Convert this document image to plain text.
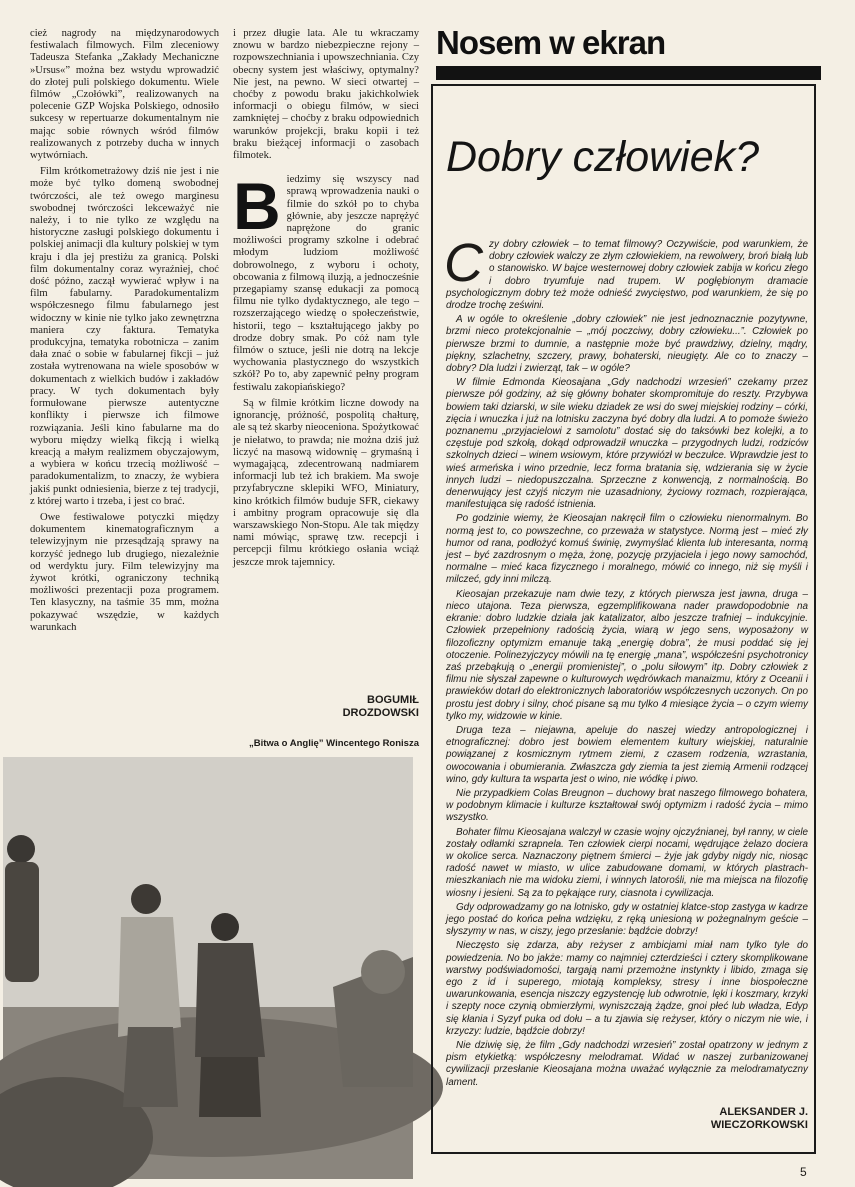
cież nagrody na międzynarodowych festiwalach filmowych. Film zleceniowy Tadeusza Stefanka „Zakłady Mechaniczne »Ursus«” można bez wstydu wprowadzić do złotej puli polskiego dokumentu. Wiele filmów „Czołówki”, realizowanych na polecenie GZP Wojska Polskiego, odnosiło sukcesy w repertuarze dokumentalnym nie mając sobie równych wśród filmów realizowanych z potrzeby ducha w innych wytwórniach.

Film krótkometrażowy dziś nie jest i nie może być tylko domeną swobodnej twórczości, ale też owego marginesu swobodnej twórczości lekceważyć nie należy, i to nie tylko ze względu na historyczne zasługi polskiego dokumentu i polskiej animacji dla kultury polskiej w tym kraju i dla jej prestiżu za granicą. Polski film dokumentalny coraz wyraźniej, choć dość późno, zaczął wywierać wpływ i na film fabularny. Paradokumentalizm współczesnego filmu fabularnego jest widoczny w kinie nie tylko jako zewnętrzna maniera czy faktura. Tematyka produkcyjna, tematyka robotnicza – zanim dała znać o sobie w fabularnej fikcji – już została wytrenowana na wiele sposobów w dokumentach z wielkich budów i zakładów pracy. W tych dokumentach były formułowane pierwsze autentyczne konflikty i pierwsze ich filmowe rozwiązania. Jeśli kino fabularne ma do wyboru między wielką fikcją i wielką kreacją a małym realizmem obyczajowym, a wybiera w końcu trzecią możliwość – paradokumentalizm, to znaczy, że wybiera jakiś punkt odniesienia, bierze z tej tradycji, z której warto i trzeba, i jest co brać.

Owe festiwalowe potyczki między dokumentem kinematograficznym a telewizyjnym nie przesądzają sprawy na korzyść jednego lub drugiego, niezależnie od werdyktu jury. Film telewizyjny ma żywot krótki, ograniczony techniką możliwości prezentacji poza programem. Ten klasyczny, na taśmie 35 mm, można pokazywać wszędzie, w każdych warunkach

i przez długie lata. Ale tu wkraczamy znowu w bardzo niebezpieczne rejony – rozpowszechniania i upowszechniania. Czy obecny system jest właściwy, optymalny? Nie jest, na pewno. W sieci otwartej – choćby z powodu braku jakichkolwiek informacji o obiegu filmów, w sieci zamkniętej – choćby z braku odpowiednich warunków projekcji, braku kopii i też braku bieżącej informacji o zasobach filmotek.

Biedzimy się wszyscy nad sprawą wprowadzenia nauki o filmie do szkół po to chyba głównie, aby jeszcze naprężyć naprężone do granic możliwości programy szkolne i odebrać młodym ludziom możliwość dobrowolnego, z wyboru i ochoty, obcowania z filmową iluzją, a jednocześnie przegapiamy szansę edukacji za pomocą filmu nie tylko dydaktycznego, ale tego – rozszerzającego wiedzę o społeczeństwie, historii, tego – kształtującego jakby po drodze dobry smak. Po cóż nam tyle filmów o sztuce, jeśli nie dotrą na lekcje wychowania plastycznego do wszystkich szkół? Po to, aby zapewnić pełny program festiwalu zakopiańskiego?

Są w filmie krótkim liczne dowody na ignorancję, próżność, pospolitą chałturę, ale są też skarby nieoceniona. Spożytkować je niełatwo, to prawda; nie można dziś już liczyć na masową widownię – grymaśną i wymagającą, zdecentrowaną nadmiarem informacji lub też ich brakiem. Ma swoje przyfabryczne sklepiki WFO, Miniatury, kino krótkich filmów buduje SFR, ciekawy i ambitny program opracowuje się dla warszawskiego Non-Stopu. Ale tak między nami mówiąc, sprawę tzw. recepcji i percepcji filmu krótkiego osłania wciąż jeszcze mrok tajemnicy.

BOGUMIŁ
DROZDOWSKI
„Bitwa o Anglię” Wincentego Ronisza
Nosem w ekran
Dobry człowiek?

Czy dobry człowiek – to temat filmowy? Oczywiście, pod warunkiem, że dobry człowiek walczy ze złym człowiekiem, na rewolwery, broń białą lub o stanowisko. W bajce westernowej dobry człowiek zabija w końcu złego i dobro tryumfuje nad trupem. W pogłębionym dramacie psychologicznym dobry też może odnieść zwycięstwo, pod warunkiem, że się po drodze trochę ześwini.

A w ogóle to określenie „dobry człowiek” nie jest jednoznacznie pozytywne, brzmi nieco protekcjonalnie – „mój poczciwy, dobry człowieku...”. Człowiek po pierwsze brzmi to dumnie, a następnie może być prawdziwy, dzielny, mądry, piękny, szlachetny, szczery, prawy, bohaterski, nieugięty. Ale co to znaczy – dobry? Dla ludzi i zwierząt, tak – w ogóle?

W filmie Edmonda Kieosajana „Gdy nadchodzi wrzesień” czekamy przez pierwsze pół godziny, aż się główny bohater skompromituje do reszty. Przybywa bowiem taki dziarski, w sile wieku dziadek ze wsi do swej miejskiej rodziny – córki, zięcia i wnuczka i już na lotnisku zaczyna być dobry dla ludzi. A to pomoże świeżo poznanemu „przyjacielowi z samolotu” dostać się do taksówki bez kolejki, a to częstuje pod szkołą, dokąd odprowadził wnuczka – przygodnych ludzi, rodziców szkolnych dzieci – winem wsiowym, które przywiózł w beczułce. Wprawdzie jest to wieś armeńska i wino przednie, lecz forma bratania się, wdzierania się w życie innych ludzi – niedopuszczalna. Sprzeczne z konwencją, z normalnością. Bo denerwujący jest czyjś niczym nie uzasadniony, życiowy rozmach, rozpierająca, manifestująca się radość istnienia.

Po godzinie wiemy, że Kieosajan nakręcił film o człowieku nienormalnym. Bo normą jest to, co powszechne, co przeważa w statystyce. Normą jest – mieć zły humor od rana, podłożyć komuś świnię, zwymyślać klienta lub interesanta, normą jest – być zazdrosnym o męża, żonę, pozycję przyjaciela i jego nowy samochód, normalne – mieć kaca fizycznego i moralnego, mówić co innego, niż się myśli i milczeć, gdy inni milczą.

Kieosajan przekazuje nam dwie tezy, z których pierwsza jest jawna, druga – nieco utajona. Teza pierwsza, egzemplifikowana nader prawdopodobnie na ekranie: dobro ludzkie działa jak katalizator, albo jeszcze trafniej – indukcyjnie. Człowiek przepełniony radością życia, wiarą w jego sens, wyposażony w filozoficzny optymizm emanuje taką „energię dobra”, że musi poddać się jej otoczenie. Polinezyjczycy mówili na tę energię „mana”, współcześni psychotronicy zaś przebąkują o „energii promienistej”, o „polu siłowym” itp. Dobry człowiek z filmu nie słyszał zapewne o kulturowych wędrówkach manaizmu, który z Oceanii i prawieków dotarł do elektronicznych laboratoriów współczesnych uczonych. On po prostu jest dobry i silny, choć pisane są mu tylko 4 miesiące życia – o czym wiemy tylko my, widzowie w kinie.

Druga teza – niejawna, apeluje do naszej wiedzy antropologicznej i etnograficznej: dobro jest bowiem elementem kultury wiejskiej, naturalnie powiązanej z kosmicznym rytmem ziemi, z czasem rodzenia, wzrastania, owocowania i obumierania. Zwłaszcza gdy ziemia ta jest ziemią Armenii rodzącej wino, gdy kultura ta wsparta jest o wino, nie wódkę i piwo.

Nie przypadkiem Colas Breugnon – duchowy brat naszego filmowego bohatera, w podobnym klimacie i kulturze kształtował swój optymizm i radość życia – mimo wszystko.

Bohater filmu Kieosajana walczył w czasie wojny ojczyźnianej, był ranny, w ciele zostały odłamki szrapnela. Ten człowiek cierpi nocami, wędrujące żelazo dociera w okolice serca. Naznaczony piętnem śmierci – żyje jak gdyby nigdy nic, niosąc radość nawet w miasto, w ulice zabudowane domami, w których plastrach-mieszkaniach nie ma widoku ziemi, i winnych latorośli, nie ma miejsca na filozofię wiosny i jesieni. Są za to pękające rury, ciasnota i cywilizacja.

Gdy odprowadzamy go na lotnisko, gdy w ostatniej klatce-stop zastyga w kadrze jego postać do końca pełna wdzięku, z ręką uniesioną w pożegnalnym geście – słyszymy w nas, w ciszy, jego przesłanie: bądźcie dobrzy!

Nieczęsto się zdarza, aby reżyser z ambicjami miał nam tylko tyle do powiedzenia. No bo jakże: mamy co najmniej czterdzieści i cztery skomplikowane warstwy podświadomości, targają nami przemożne instynkty i libido, zmaga się ego z id i superego, miotają kompleksy, stresy i inne biospołeczne uwarunkowania, esencja niszczy egzystencję lub odwrotnie, lęki i koszmary, krzyki i szepty noce czynią obmierzłymi, wyniszczają żądze, gnoi płeć lub władza, Edyp się kłania i Syzyf puka od dołu – a tu zjawia się reżyser, który o niczym nie wie, i krzyczy: ludzie, bądźcie dobrzy!

Nie dziwię się, że film „Gdy nadchodzi wrzesień” został opatrzony w jednym z pism etykietką: współczesny melodramat. Widać w naszej zurbanizowanej cywilizacji przesłanie Kieosajana można uważać wyłącznie za melodramatyczny lament.

ALEKSANDER J.
WIECZORKOWSKI
5
